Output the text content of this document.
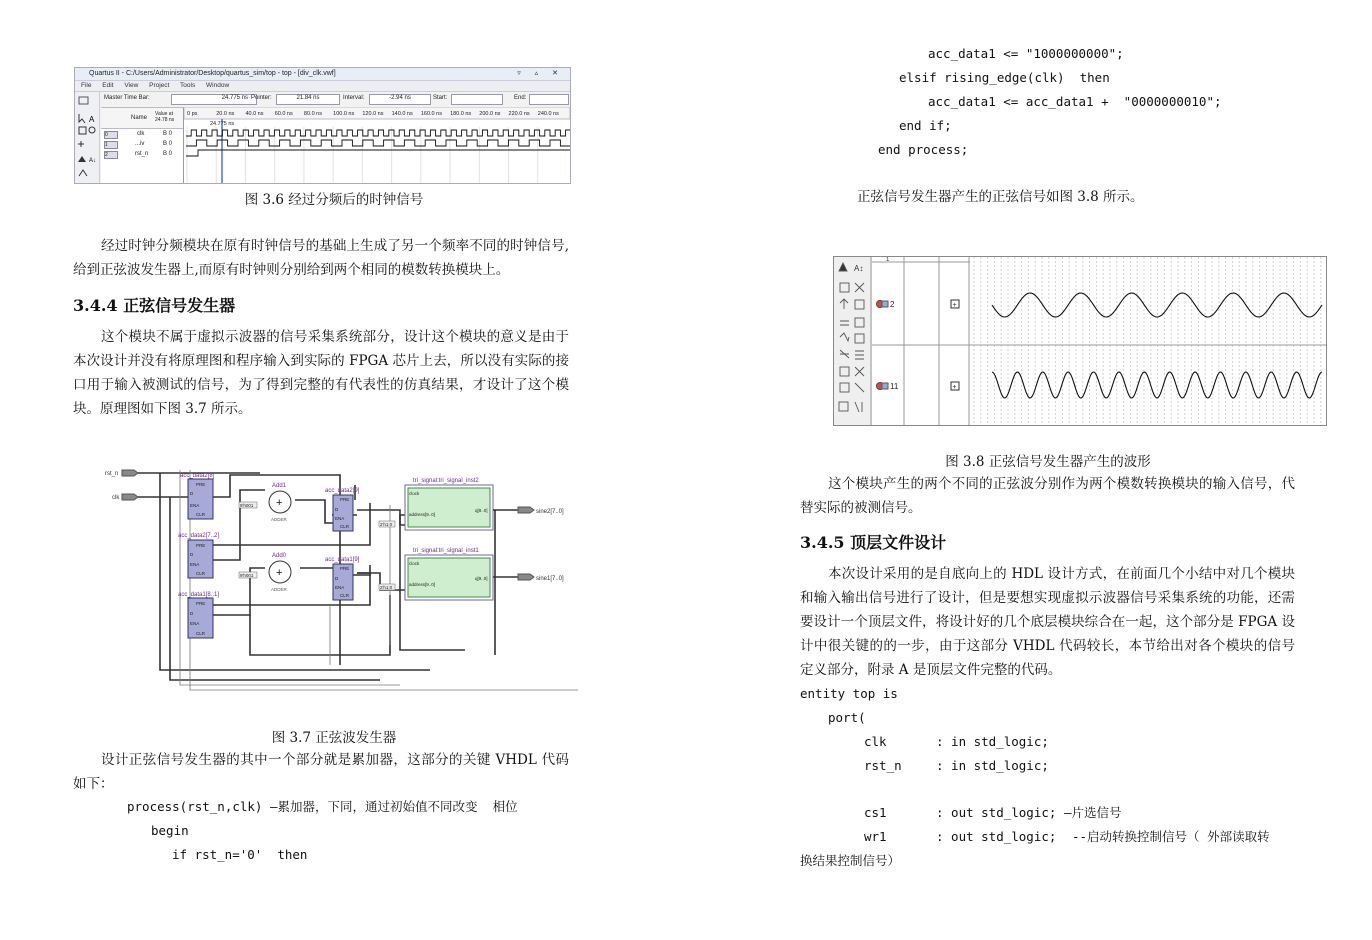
Quartus II - C:/Users/Administrator/Desktop/quartus_sim/top - top - [div_clk.vwf]	▿ ▵ ✕
File Edit View Project Tools Window
A
A↓
Master Time Bar:	24.775 ns Pointer:	21.84 ns	Interval:	-2.94 ns	Start:	End:
Name
Value at 24.78 ns
0	clk	B 0
1	...iv	B 0
2	rst_n B 0
0 ps	20.0 ns 40.0 ns 60.0 ns 80.0 ns 100.0 ns 120.0 ns 140.0 ns 160.0 ns 180.0 ns 200.0 ns 220.0 ns 240.0 ns
24.775 ns
图 3.6 经过分频后的时钟信号
经过时钟分频模块在原有时钟信号的基础上生成了另一个频率不同的时钟信号,给到正弦波发生器上,而原有时钟则分别给到两个相同的模数转换模块上。
3.4.4 正弦信号发生器
这个模块不属于虚拟示波器的信号采集系统部分，设计这个模块的意义是由于本次设计并没有将原理图和程序输入到实际的 FPGA 芯片上去，所以没有实际的接口用于输入被测试的信号，为了得到完整的有代表性的仿真结果，才设计了这个模块。原理图如下图 3.7 所示。
rst_n
clk
acc_data2[8]
PRE
D
ENA
CLR
acc_data2[7..2]
PRE
D
ENA
CLR
acc_data1[8..1]
PRE
D
ENA
CLR
acc_data2[9]
PRE
D
ENA
CLR
acc_data1[9]
PRE
D
ENA
CLR
Add1
+
ADDER
9'h001
Add0
+
ADDER
9'h001
2'h1:0
2'h1:0
tri_signal:tri_signal_inst2
clock
address[9..0]
q[9..0]
tri_signal:tri_signal_inst1
clock
address[9..0]
q[9..0]
sine2[7..0]
sine1[7..0]
图 3.7 正弦波发生器
设计正弦信号发生器的其中一个部分就是累加器，这部分的关键 VHDL 代码如下：
process(rst_n,clk) —累加器，下同，通过初始值不同改变  相位
begin
if rst_n='0'  then
acc_data1 <= "1000000000";
elsif rising_edge(clk)  then
acc_data1 <= acc_data1 +  "0000000010";
end if;
end process;
正弦信号发生器产生的正弦信号如图 3.8 所示。
A↕
1
2	+
11	+
图 3.8 正弦信号发生器产生的波形
这个模块产生的两个不同的正弦波分别作为两个模数转换模块的输入信号，代替实际的被测信号。
3.4.5 顶层文件设计
本次设计采用的是自底向上的 HDL 设计方式，在前面几个小结中对几个模块和输入输出信号进行了设计，但是要想实现虚拟示波器信号采集系统的功能，还需要设计一个顶层文件，将设计好的几个底层模块综合在一起，这个部分是 FPGA 设计中很关键的的一步，由于这部分 VHDL 代码较长，本节给出对各个模块的信号定义部分，附录 A 是顶层文件完整的代码。
entity top is
port(
clk	: in std_logic;
rst_n	: in std_logic;
cs1	: out std_logic; —片选信号
wr1	: out std_logic; --启动转换控制信号（ 外部读取转
换结果控制信号）
